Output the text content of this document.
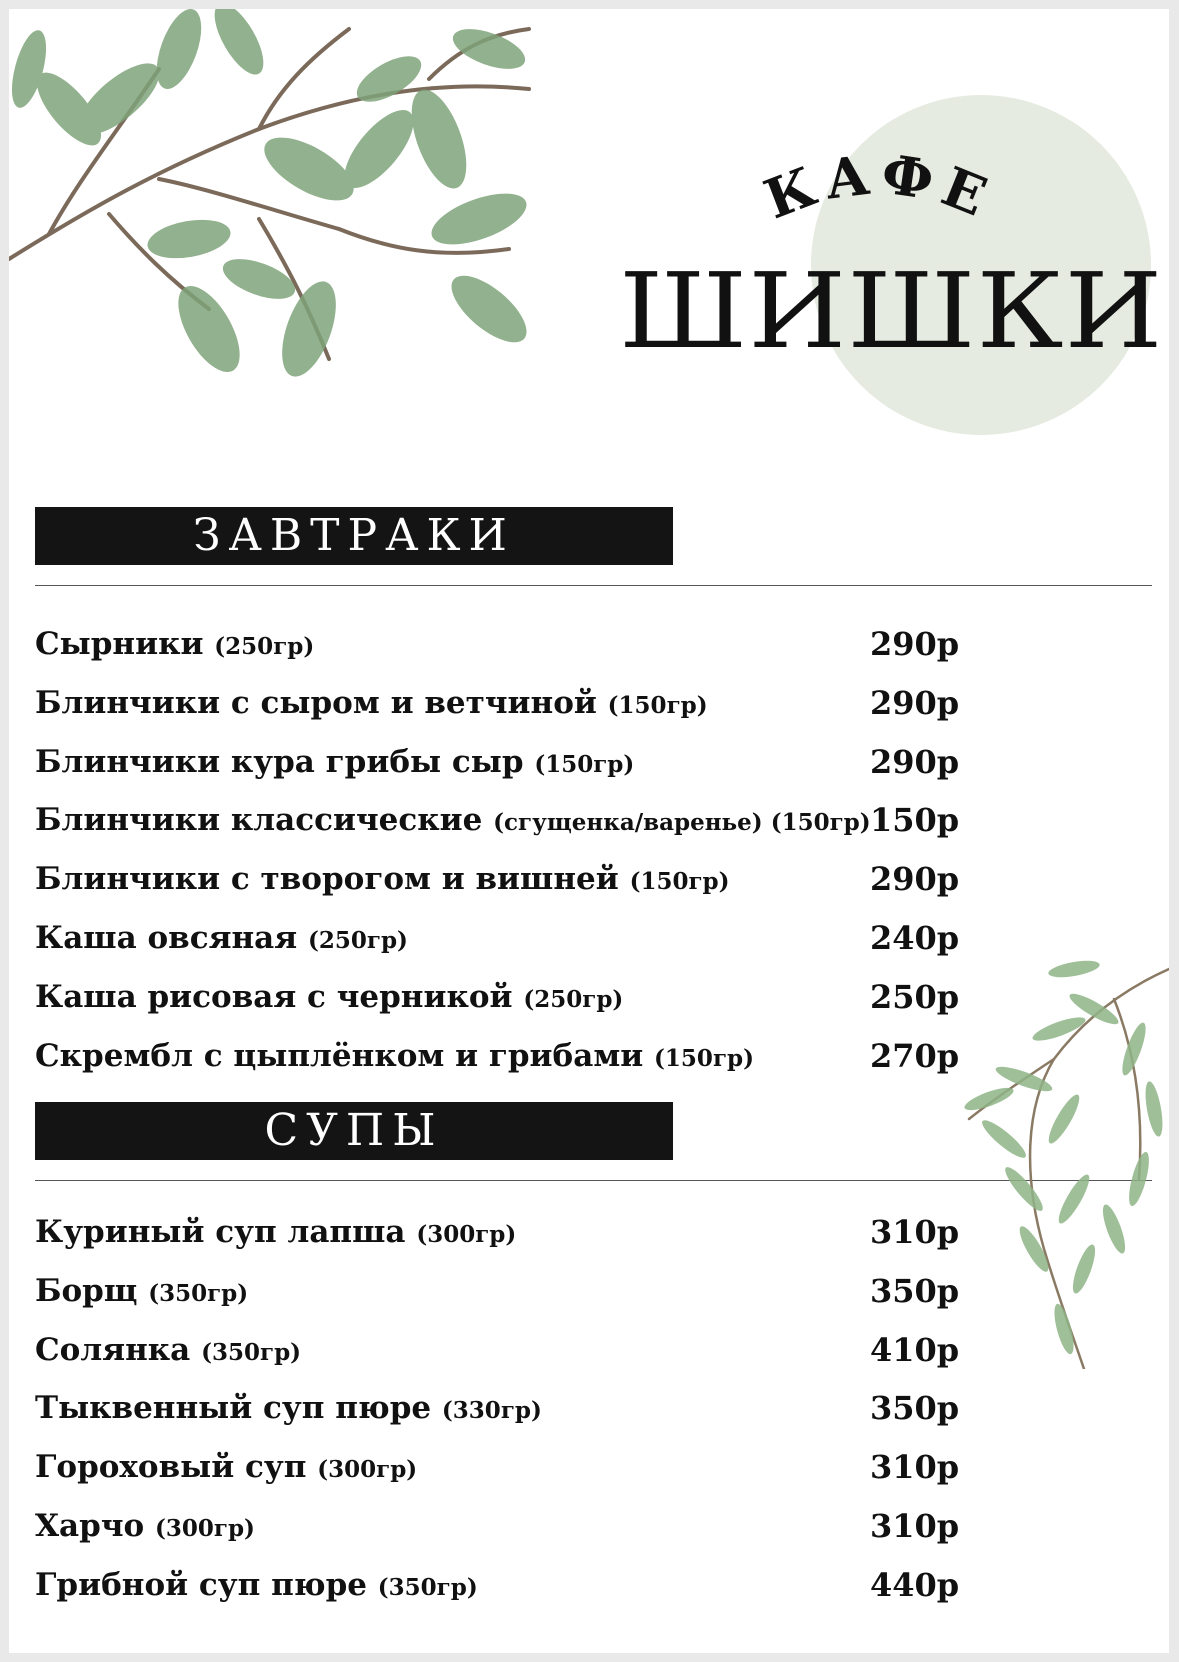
КАФЕ
ШИШКИ
ЗАВТРАКИ
Сырники (250гр)	290р
Блинчики с сыром и ветчиной (150гр)	290р
Блинчики кура грибы сыр (150гр)	290р
Блинчики классические (сгущенка/варенье) (150гр) 150р
Блинчики с творогом и вишней (150гр)	290р
Каша овсяная (250гр)	240р
Каша рисовая с черникой (250гр)	250р
Скрембл с цыплёнком и грибами (150гр)	270р
СУПЫ
Куриный суп лапша (300гр)	310р
Борщ (350гр)	350р
Солянка (350гр)	410р
Тыквенный суп пюре (330гр)	350р
Гороховый суп (300гр)	310р
Харчо (300гр)	310р
Грибной суп пюре (350гр)	440р
